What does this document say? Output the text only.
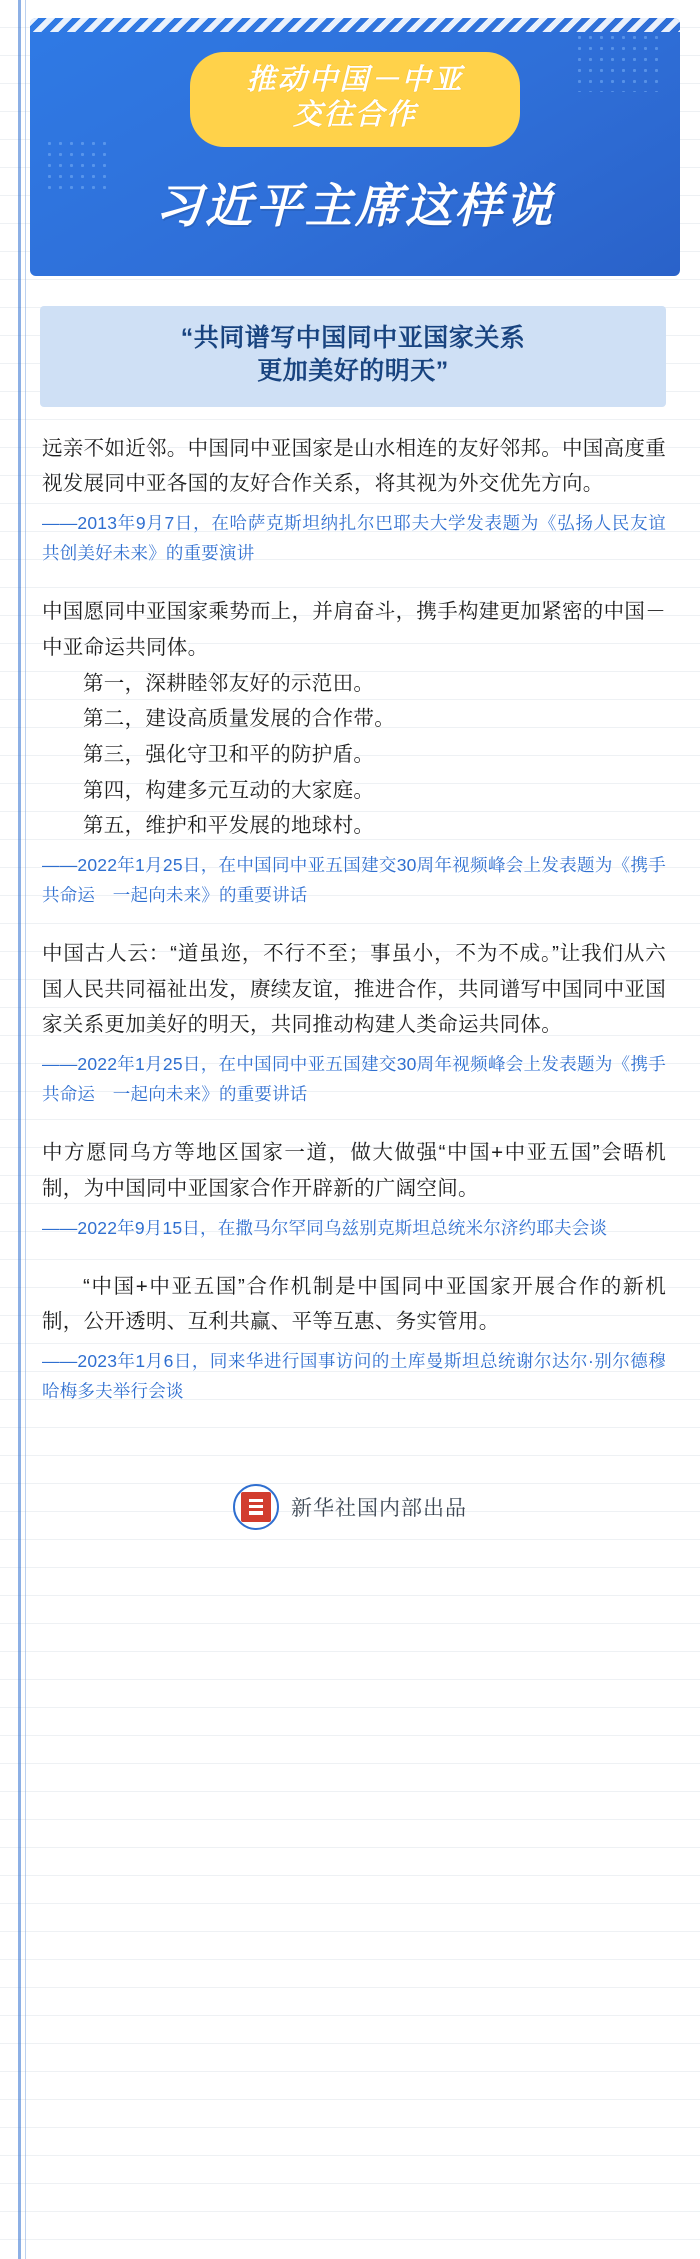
推动中国－中亚
交往合作
习近平主席这样说
“共同谱写中国同中亚国家关系
更加美好的明天”

远亲不如近邻。中国同中亚国家是山水相连的友好邻邦。中国高度重视发展同中亚各国的友好合作关系，将其视为外交优先方向。

——2013年9月7日，在哈萨克斯坦纳扎尔巴耶夫大学发表题为《弘扬人民友谊 共创美好未来》的重要演讲

中国愿同中亚国家乘势而上，并肩奋斗，携手构建更加紧密的中国－中亚命运共同体。

第一，深耕睦邻友好的示范田。
第二，建设高质量发展的合作带。
第三，强化守卫和平的防护盾。
第四，构建多元互动的大家庭。
第五，维护和平发展的地球村。
——2022年1月25日，在中国同中亚五国建交30周年视频峰会上发表题为《携手共命运　一起向未来》的重要讲话

中国古人云：“道虽迩，不行不至；事虽小，不为不成。”让我们从六国人民共同福祉出发，赓续友谊，推进合作，共同谱写中国同中亚国家关系更加美好的明天，共同推动构建人类命运共同体。

——2022年1月25日，在中国同中亚五国建交30周年视频峰会上发表题为《携手共命运　一起向未来》的重要讲话

中方愿同乌方等地区国家一道，做大做强“中国+中亚五国”会晤机制，为中国同中亚国家合作开辟新的广阔空间。

——2022年9月15日，在撒马尔罕同乌兹别克斯坦总统米尔济约耶夫会谈

“中国+中亚五国”合作机制是中国同中亚国家开展合作的新机制，公开透明、互利共赢、平等互惠、务实管用。

——2023年1月6日，同来华进行国事访问的土库曼斯坦总统谢尔达尔·别尔德穆哈梅多夫举行会谈
新华社国内部出品
